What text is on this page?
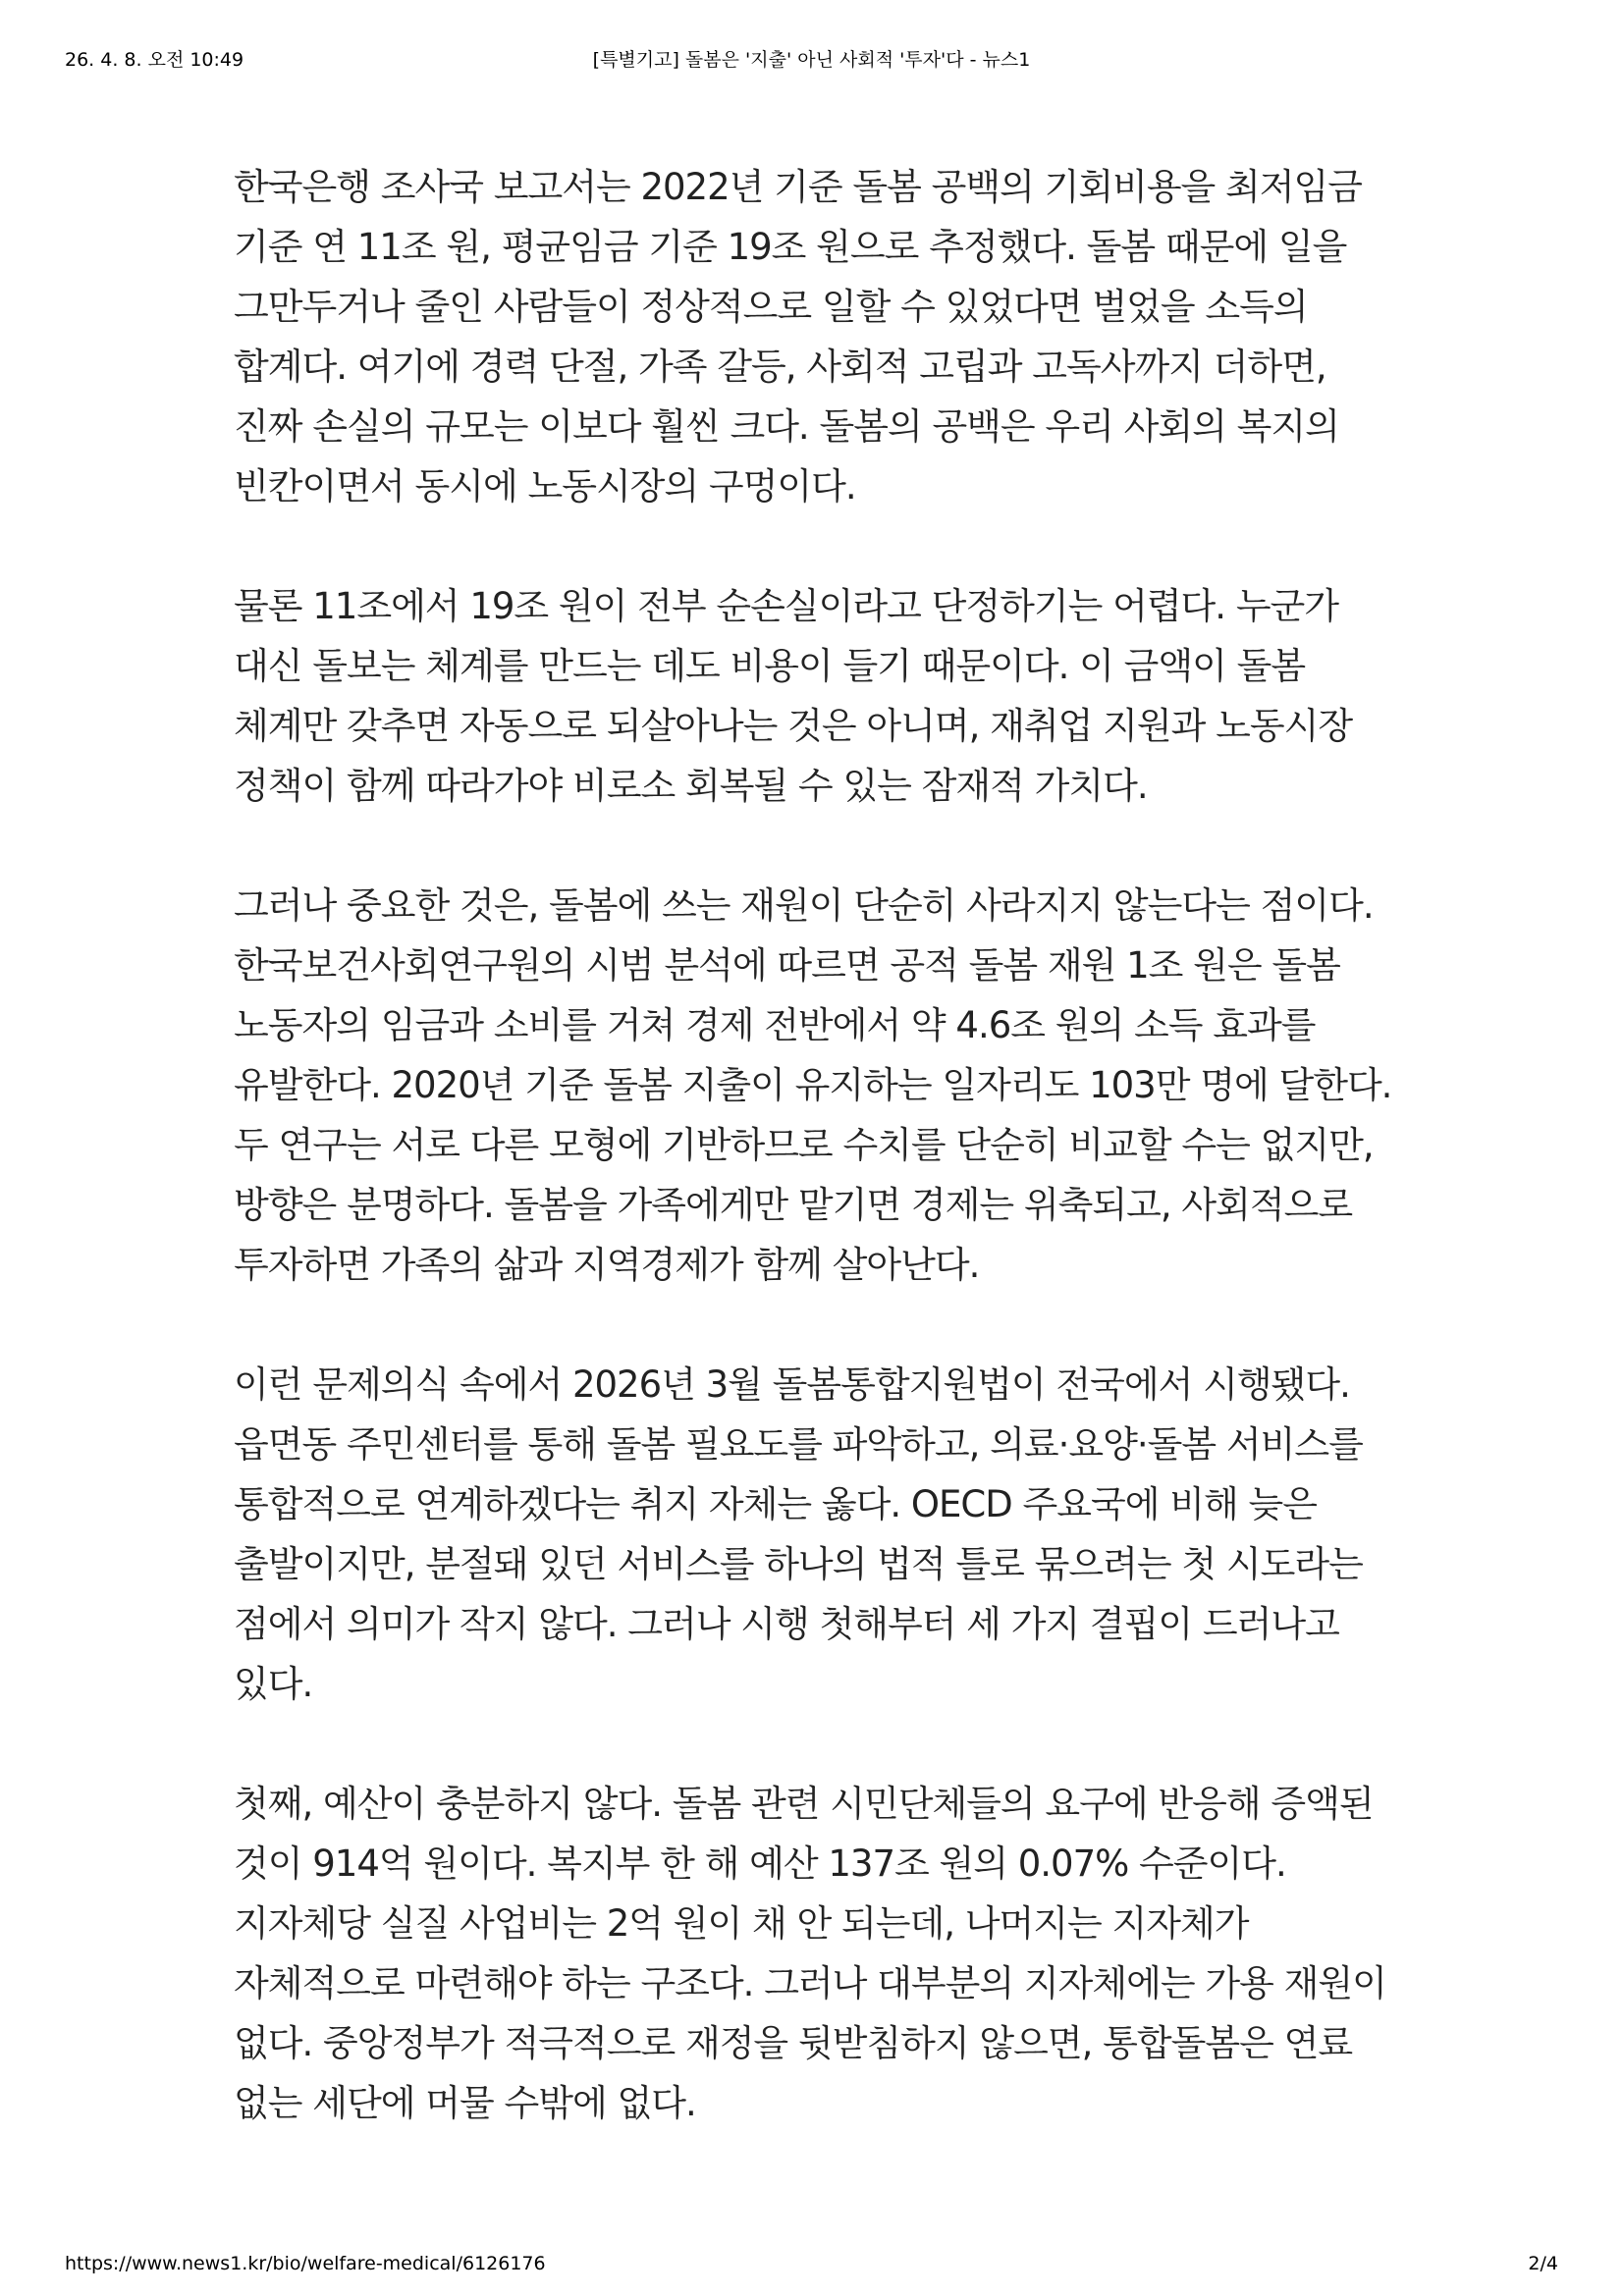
26. 4. 8. 오전 10:49	[특별기고] 돌봄은 '지출' 아닌 사회적 '투자'다 - 뉴스1

한국은행 조사국 보고서는 2022년 기준 돌봄 공백의 기회비용을 최저임금 기준 연 11조 원, 평균임금 기준 19조 원으로 추정했다. 돌봄 때문에 일을 그만두거나 줄인 사람들이 정상적으로 일할 수 있었다면 벌었을 소득의 합계다. 여기에 경력 단절, 가족 갈등, 사회적 고립과 고독사까지 더하면, 진짜 손실의 규모는 이보다 훨씬 크다. 돌봄의 공백은 우리 사회의 복지의 빈칸이면서 동시에 노동시장의 구멍이다.

물론 11조에서 19조 원이 전부 순손실이라고 단정하기는 어렵다. 누군가 대신 돌보는 체계를 만드는 데도 비용이 들기 때문이다. 이 금액이 돌봄 체계만 갖추면 자동으로 되살아나는 것은 아니며, 재취업 지원과 노동시장 정책이 함께 따라가야 비로소 회복될 수 있는 잠재적 가치다.

그러나 중요한 것은, 돌봄에 쓰는 재원이 단순히 사라지지 않는다는 점이다. 한국보건사회연구원의 시범 분석에 따르면 공적 돌봄 재원 1조 원은 돌봄 노동자의 임금과 소비를 거쳐 경제 전반에서 약 4.6조 원의 소득 효과를 유발한다. 2020년 기준 돌봄 지출이 유지하는 일자리도 103만 명에 달한다. 두 연구는 서로 다른 모형에 기반하므로 수치를 단순히 비교할 수는 없지만, 방향은 분명하다. 돌봄을 가족에게만 맡기면 경제는 위축되고, 사회적으로 투자하면 가족의 삶과 지역경제가 함께 살아난다.

이런 문제의식 속에서 2026년 3월 돌봄통합지원법이 전국에서 시행됐다. 읍면동 주민센터를 통해 돌봄 필요도를 파악하고, 의료·요양·돌봄 서비스를 통합적으로 연계하겠다는 취지 자체는 옳다. OECD 주요국에 비해 늦은 출발이지만, 분절돼 있던 서비스를 하나의 법적 틀로 묶으려는 첫 시도라는 점에서 의미가 작지 않다. 그러나 시행 첫해부터 세 가지 결핍이 드러나고 있다.

첫째, 예산이 충분하지 않다. 돌봄 관련 시민단체들의 요구에 반응해 증액된 것이 914억 원이다. 복지부 한 해 예산 137조 원의 0.07% 수준이다. 지자체당 실질 사업비는 2억 원이 채 안 되는데, 나머지는 지자체가 자체적으로 마련해야 하는 구조다. 그러나 대부분의 지자체에는 가용 재원이 없다. 중앙정부가 적극적으로 재정을 뒷받침하지 않으면, 통합돌봄은 연료 없는 세단에 머물 수밖에 없다.

https://www.news1.kr/bio/welfare-medical/6126176	2/4
